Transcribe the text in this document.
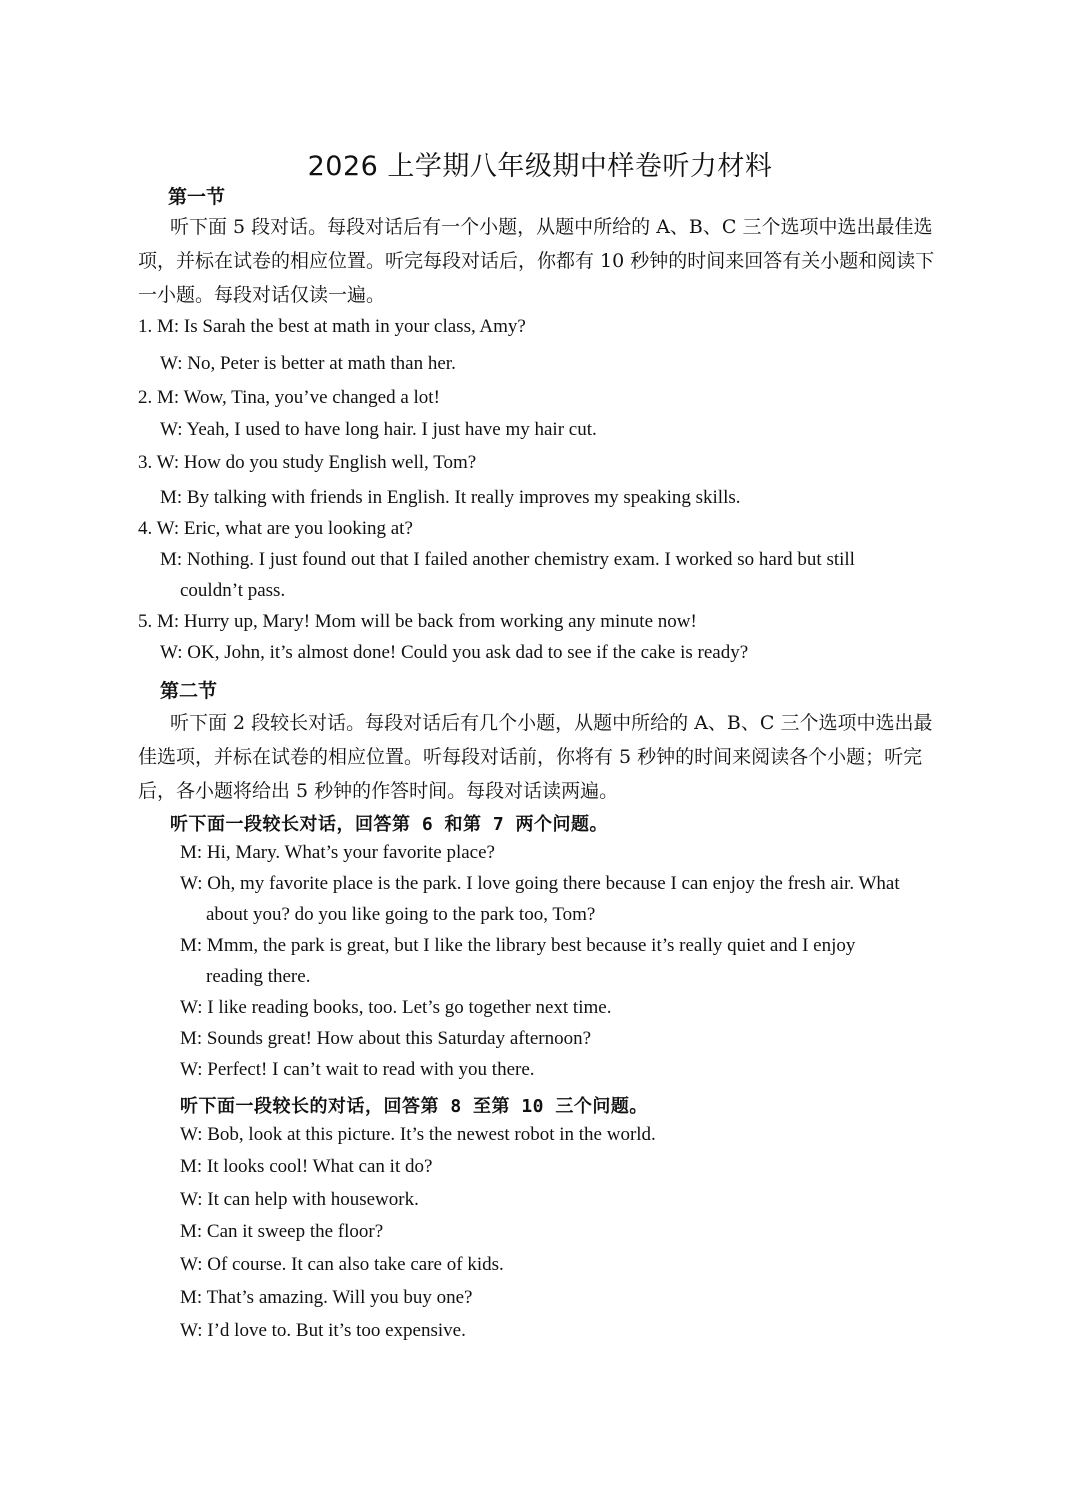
2026 上学期八年级期中样卷听力材料
第一节
听下面 5 段对话。每段对话后有一个小题，从题中所给的 A、B、C 三个选项中选出最佳选项，并标在试卷的相应位置。听完每段对话后，你都有 10 秒钟的时间来回答有关小题和阅读下一小题。每段对话仅读一遍。
1. M: Is Sarah the best at math in your class, Amy?
W: No, Peter is better at math than her.
2. M: Wow, Tina, you’ve changed a lot!
W: Yeah, I used to have long hair. I just have my hair cut.
3. W: How do you study English well, Tom?
M: By talking with friends in English. It really improves my speaking skills.
4. W: Eric, what are you looking at?
M: Nothing. I just found out that I failed another chemistry exam. I worked so hard but still
couldn’t pass.
5. M: Hurry up, Mary! Mom will be back from working any minute now!
W: OK, John, it’s almost done! Could you ask dad to see if the cake is ready?
第二节
听下面 2 段较长对话。每段对话后有几个小题，从题中所给的 A、B、C 三个选项中选出最佳选项，并标在试卷的相应位置。听每段对话前，你将有 5 秒钟的时间来阅读各个小题；听完后，各小题将给出 5 秒钟的作答时间。每段对话读两遍。
听下面一段较长对话，回答第 6 和第 7 两个问题。
M: Hi, Mary. What’s your favorite place?
W: Oh, my favorite place is the park. I love going there because I can enjoy the fresh air. What
about you? do you like going to the park too, Tom?
M: Mmm, the park is great, but I like the library best because it’s really quiet and I enjoy
reading there.
W: I like reading books, too. Let’s go together next time.
M: Sounds great! How about this Saturday afternoon?
W: Perfect! I can’t wait to read with you there.
听下面一段较长的对话，回答第 8 至第 10 三个问题。
W: Bob, look at this picture. It’s the newest robot in the world.
M: It looks cool! What can it do?
W: It can help with housework.
M: Can it sweep the floor?
W: Of course. It can also take care of kids.
M: That’s amazing. Will you buy one?
W: I’d love to. But it’s too expensive.
